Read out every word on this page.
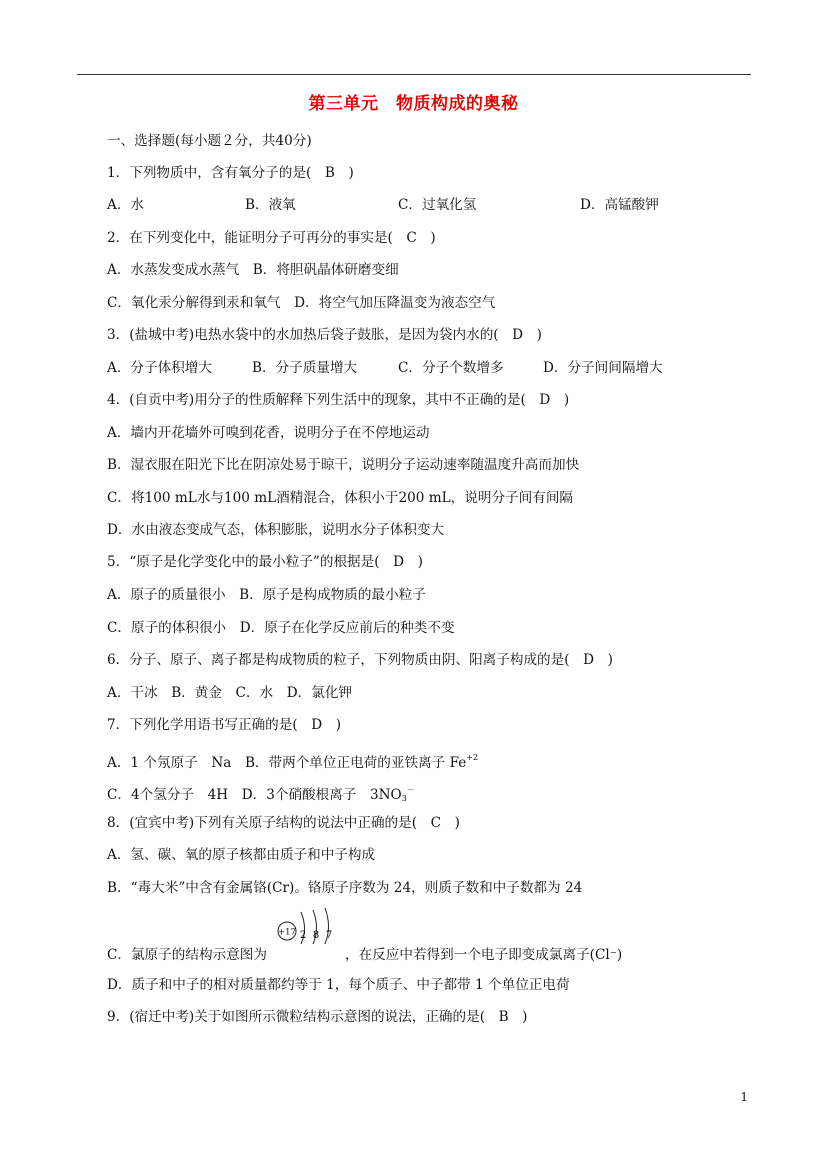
第三单元　物质构成的奥秘
一、选择题(每小题２分，共40分)
1．下列物质中，含有氧分子的是(　B　)
A．水	B．液氧	C．过氧化氢	D．高锰酸钾
2．在下列变化中，能证明分子可再分的事实是(　C　)
A．水蒸发变成水蒸气　B．将胆矾晶体研磨变细
C．氧化汞分解得到汞和氧气　D．将空气加压降温变为液态空气
3．(盐城中考)电热水袋中的水加热后袋子鼓胀，是因为袋内水的(　D　)
A．分子体积增大	B．分子质量增大	C．分子个数增多	D．分子间间隔增大
4．(自贡中考)用分子的性质解释下列生活中的现象，其中不正确的是(　D　)
A．墙内开花墙外可嗅到花香，说明分子在不停地运动
B．湿衣服在阳光下比在阴凉处易于晾干，说明分子运动速率随温度升高而加快
C．将100 mL水与100 mL酒精混合，体积小于200 mL，说明分子间有间隔
D．水由液态变成气态，体积膨胀，说明水分子体积变大
5．“原子是化学变化中的最小粒子”的根据是(　D　)
A．原子的质量很小　B．原子是构成物质的最小粒子
C．原子的体积很小　D．原子在化学反应前后的种类不变
6．分子、原子、离子都是构成物质的粒子，下列物质由阴、阳离子构成的是(　D　)
A．干冰　B．黄金　C．水　D．氯化钾
7．下列化学用语书写正确的是(　D　)
A．1 个氖原子　Na　B．带两个单位正电荷的亚铁离子 $Fe^{+2}$
C．4个氢分子　4H　D．3个硝酸根离子　$3NO_3^-$
8．(宜宾中考)下列有关原子结构的说法中正确的是(　C　)
A．氢、碳、氧的原子核都由质子和中子构成
B．“毒大米”中含有金属铬(Cr)。铬原子序数为 24，则质子数和中子数都为 24
+17 2 8 7
C．氯原子的结构示意图为	，在反应中若得到一个电子即变成氯离子(Cl⁻)
D．质子和中子的相对质量都约等于 1，每个质子、中子都带 1 个单位正电荷
9．(宿迁中考)关于如图所示微粒结构示意图的说法，正确的是(　B　)
1
